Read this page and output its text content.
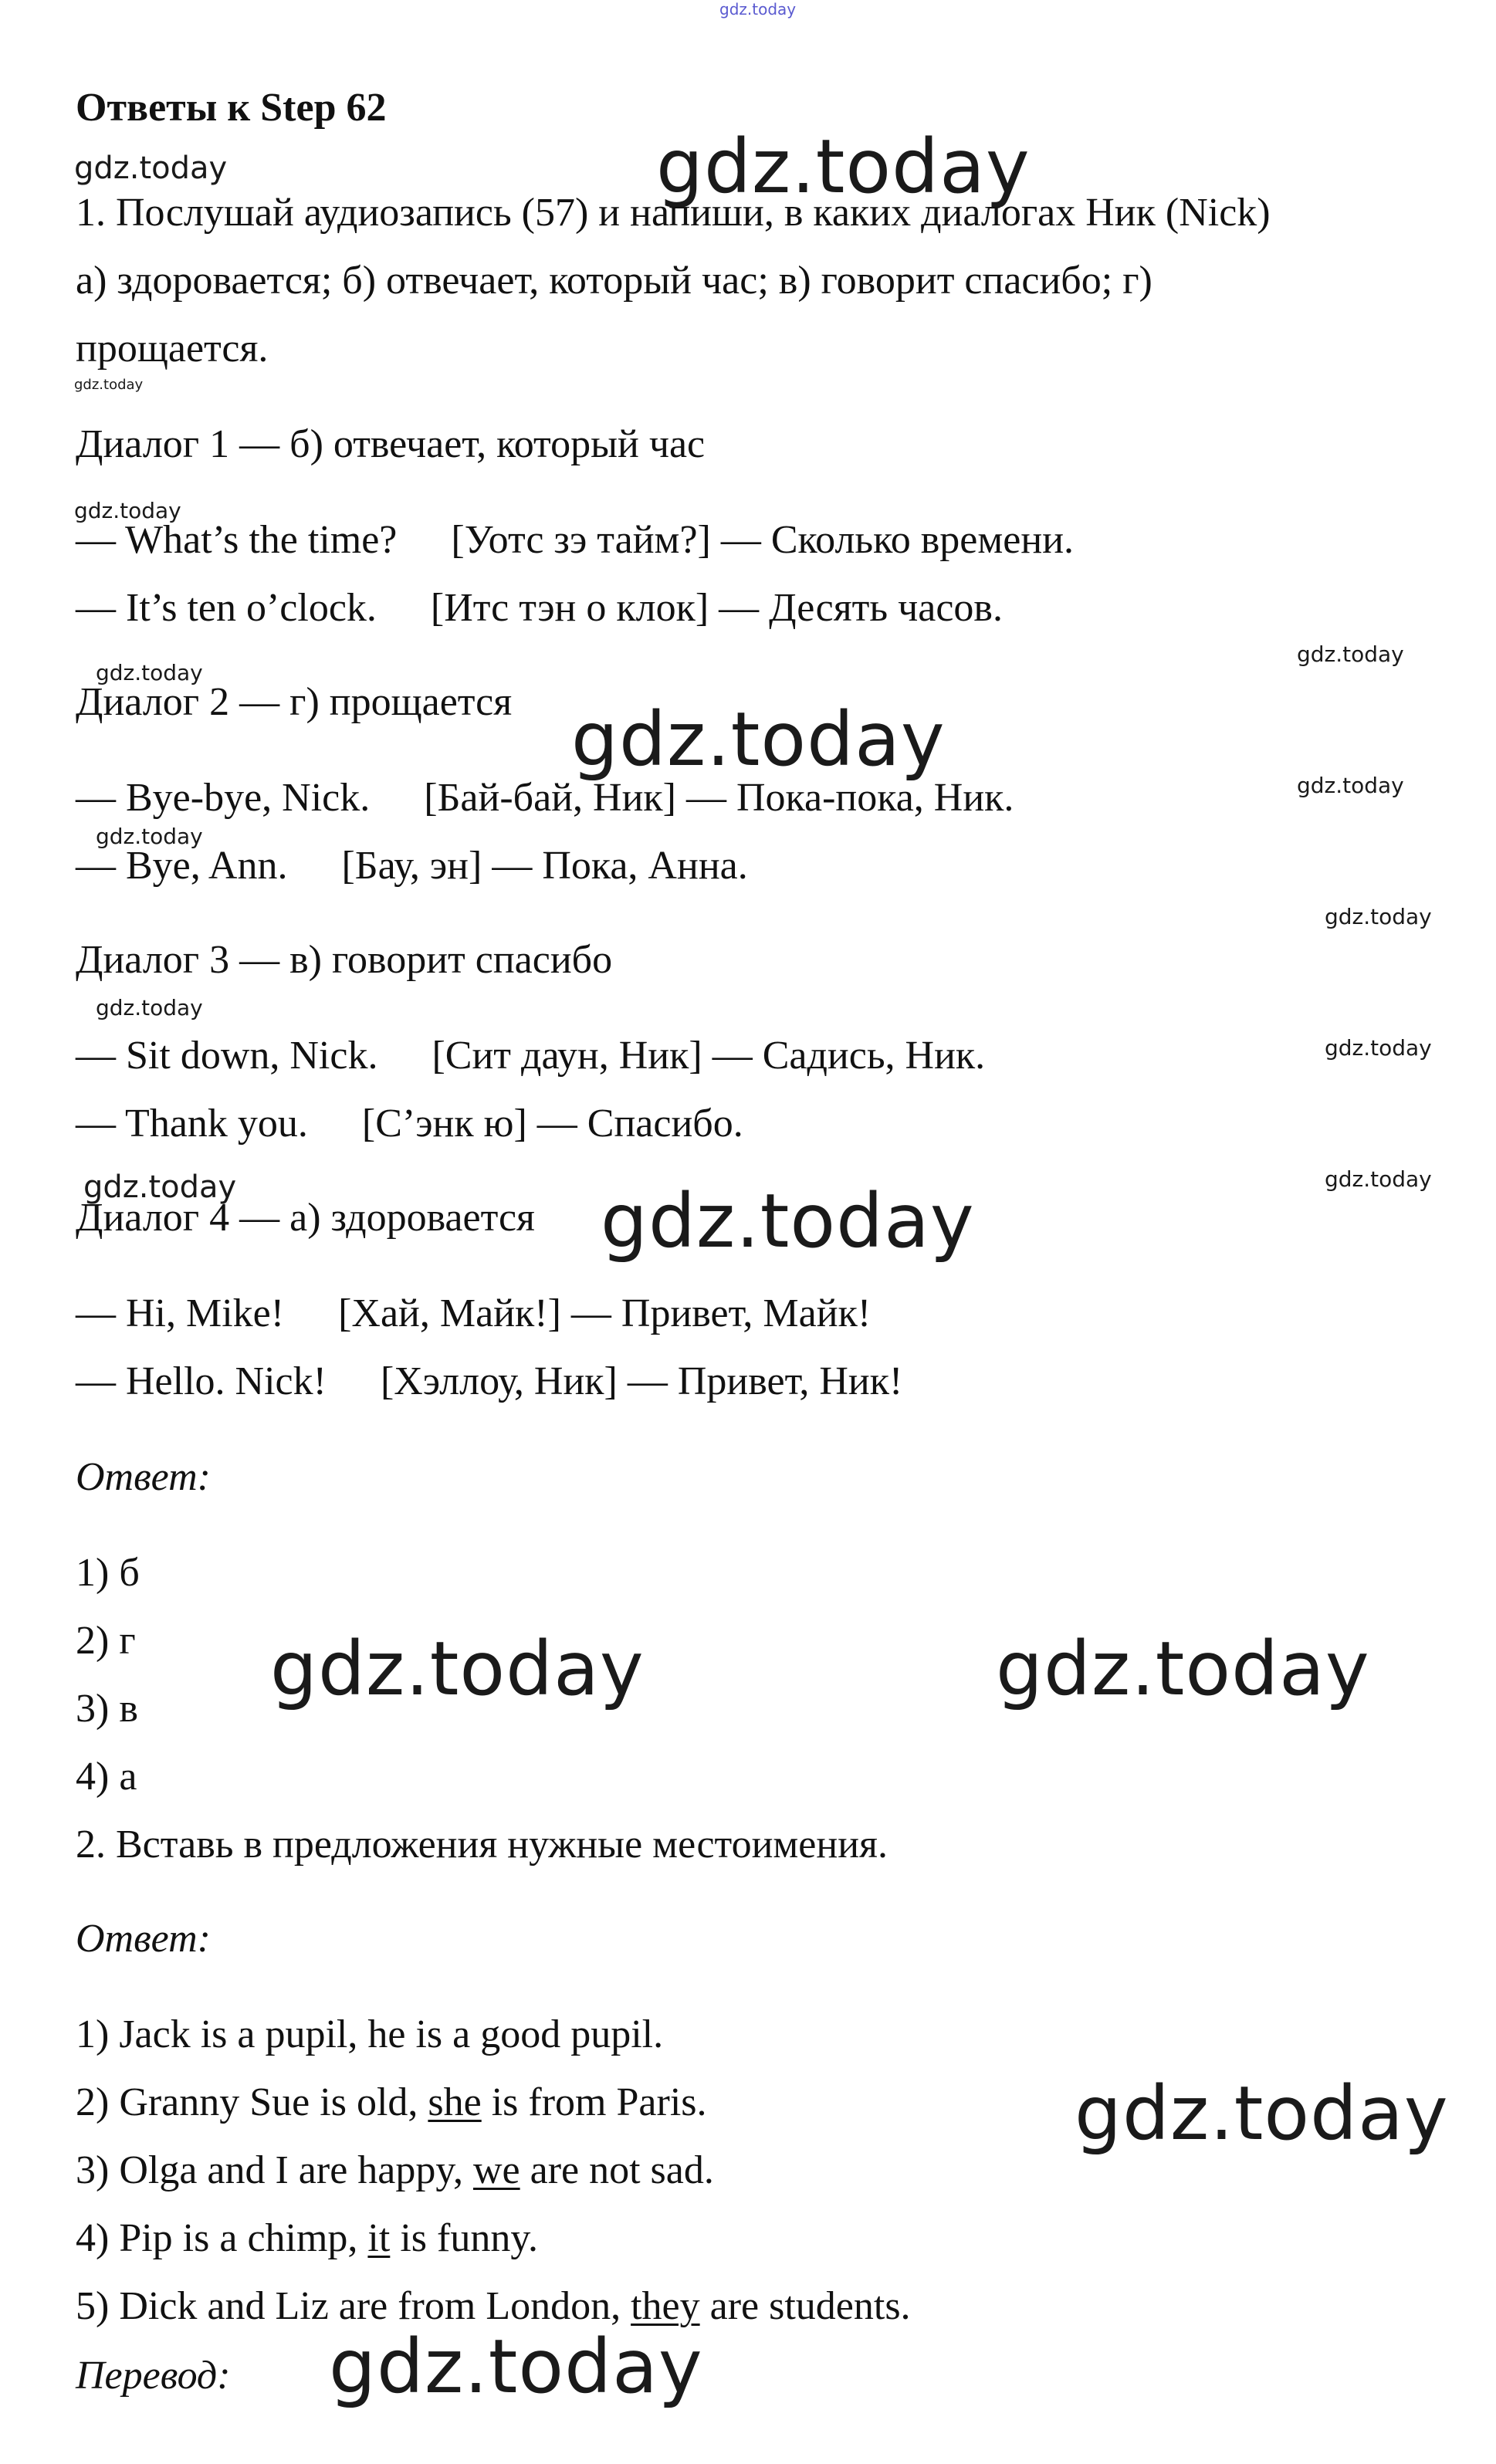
gdz.today
gdz.today	gdz.today
gdz.today
gdz.today
gdz.today
gdz.today
gdz.today
gdz.today
gdz.today
gdz.today
gdz.today
gdz.today
gdz.today
gdz.today	gdz.today
gdz.today	gdz.today
gdz.today
gdz.today
Ответы к Step 62
1. Послушай аудиозапись (57) и напиши, в каких диалогах Ник (Nick)
а) здоровается; б) отвечает, который час; в) говорит спасибо; г)
прощается.
Диалог 1 — б) отвечает, который час
— What’s the time? [Уотс зэ тайм?] — Сколько времени.
— It’s ten o’clock. [Итс тэн о клок] — Десять часов.
Диалог 2 — г) прощается
— Bye-bye, Nick. [Бай-бай, Ник] — Пока-пока, Ник.
— Bye, Ann. [Бау, эн] — Пока, Анна.
Диалог 3 — в) говорит спасибо
— Sit down, Nick. [Сит даун, Ник] — Садись, Ник.
— Thank you. [С’энк ю] — Спасибо.
Диалог 4 — а) здоровается
— Hi, Mike! [Хай, Майк!] — Привет, Майк!
— Hello. Nick! [Хэллоу, Ник] — Привет, Ник!
Ответ:
1) б
2) г
3) в
4) а
2. Вставь в предложения нужные местоимения.
Ответ:
1) Jack is a pupil, he is a good pupil.
2) Granny Sue is old, she is from Paris.
3) Olga and I are happy, we are not sad.
4) Pip is a chimp, it is funny.
5) Dick and Liz are from London, they are students.
Перевод:
